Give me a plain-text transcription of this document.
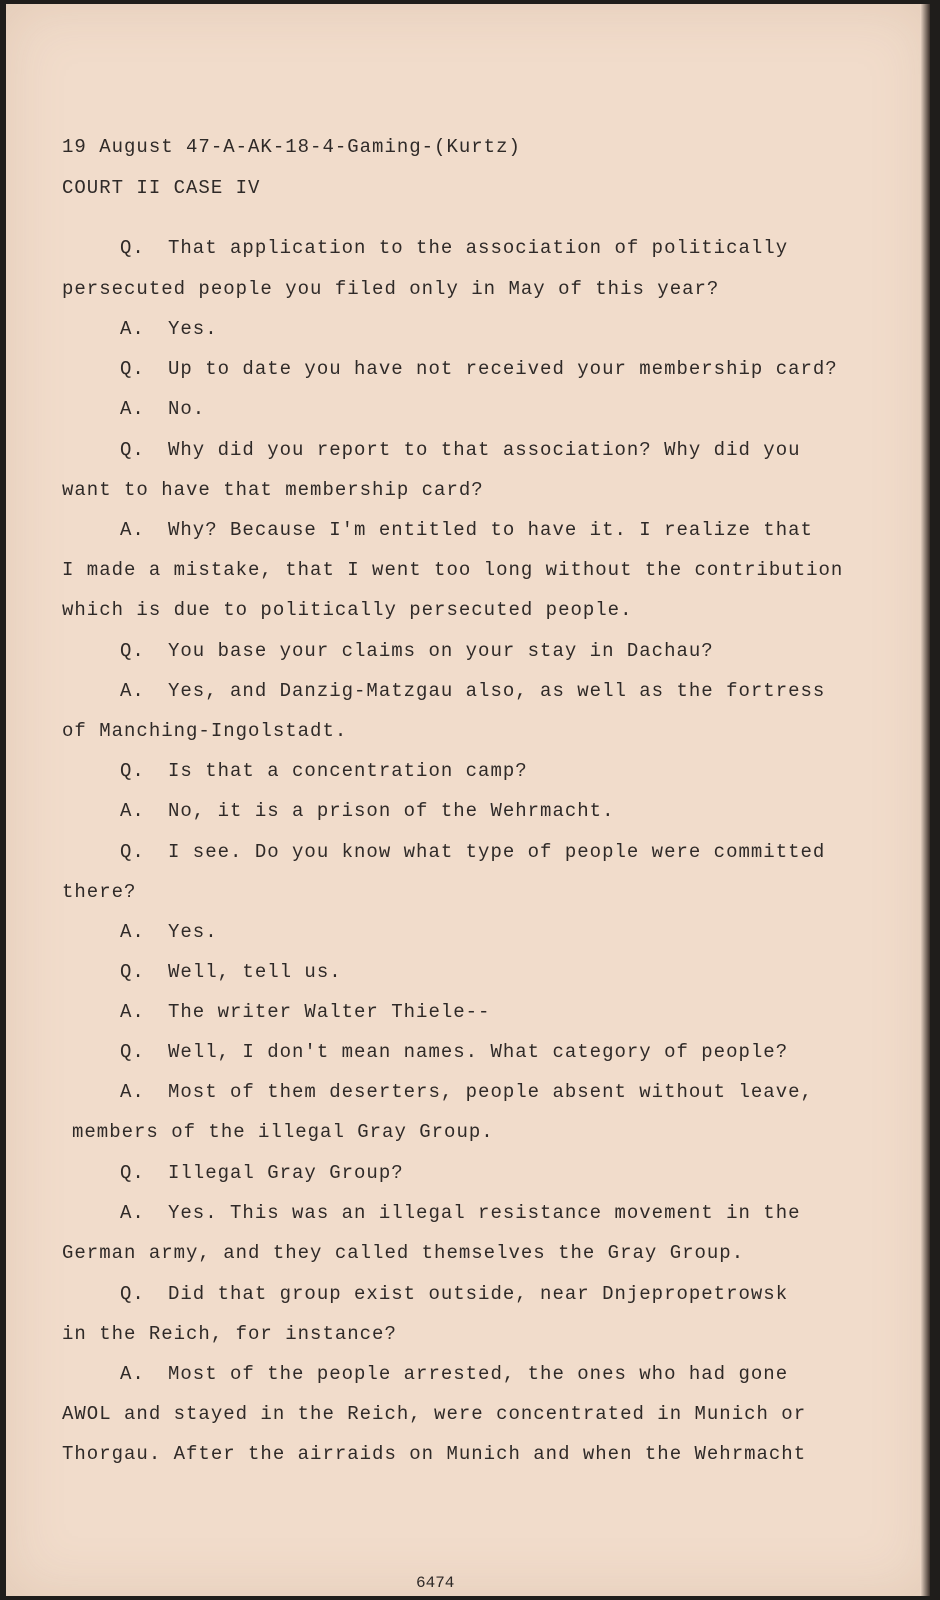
19 August 47-A-AK-18-4-Gaming-(Kurtz)
COURT II CASE IV
Q. That application to the association of politically
persecuted people you filed only in May of this year?
A. Yes.
Q. Up to date you have not received your membership card?
A. No.
Q. Why did you report to that association? Why did you
want to have that membership card?
A. Why? Because I'm entitled to have it. I realize that
I made a mistake, that I went too long without the contribution
which is due to politically persecuted people.
Q. You base your claims on your stay in Dachau?
A. Yes, and Danzig-Matzgau also, as well as the fortress
of Manching-Ingolstadt.
Q. Is that a concentration camp?
A. No, it is a prison of the Wehrmacht.
Q. I see. Do you know what type of people were committed
there?
A. Yes.
Q. Well, tell us.
A. The writer Walter Thiele--
Q. Well, I don't mean names. What category of people?
A. Most of them deserters, people absent without leave,
members of the illegal Gray Group.
Q. Illegal Gray Group?
A. Yes. This was an illegal resistance movement in the
German army, and they called themselves the Gray Group.
Q. Did that group exist outside, near Dnjepropetrowsk
in the Reich, for instance?
A. Most of the people arrested, the ones who had gone
AWOL and stayed in the Reich, were concentrated in Munich or
Thorgau. After the airraids on Munich and when the Wehrmacht
6474
